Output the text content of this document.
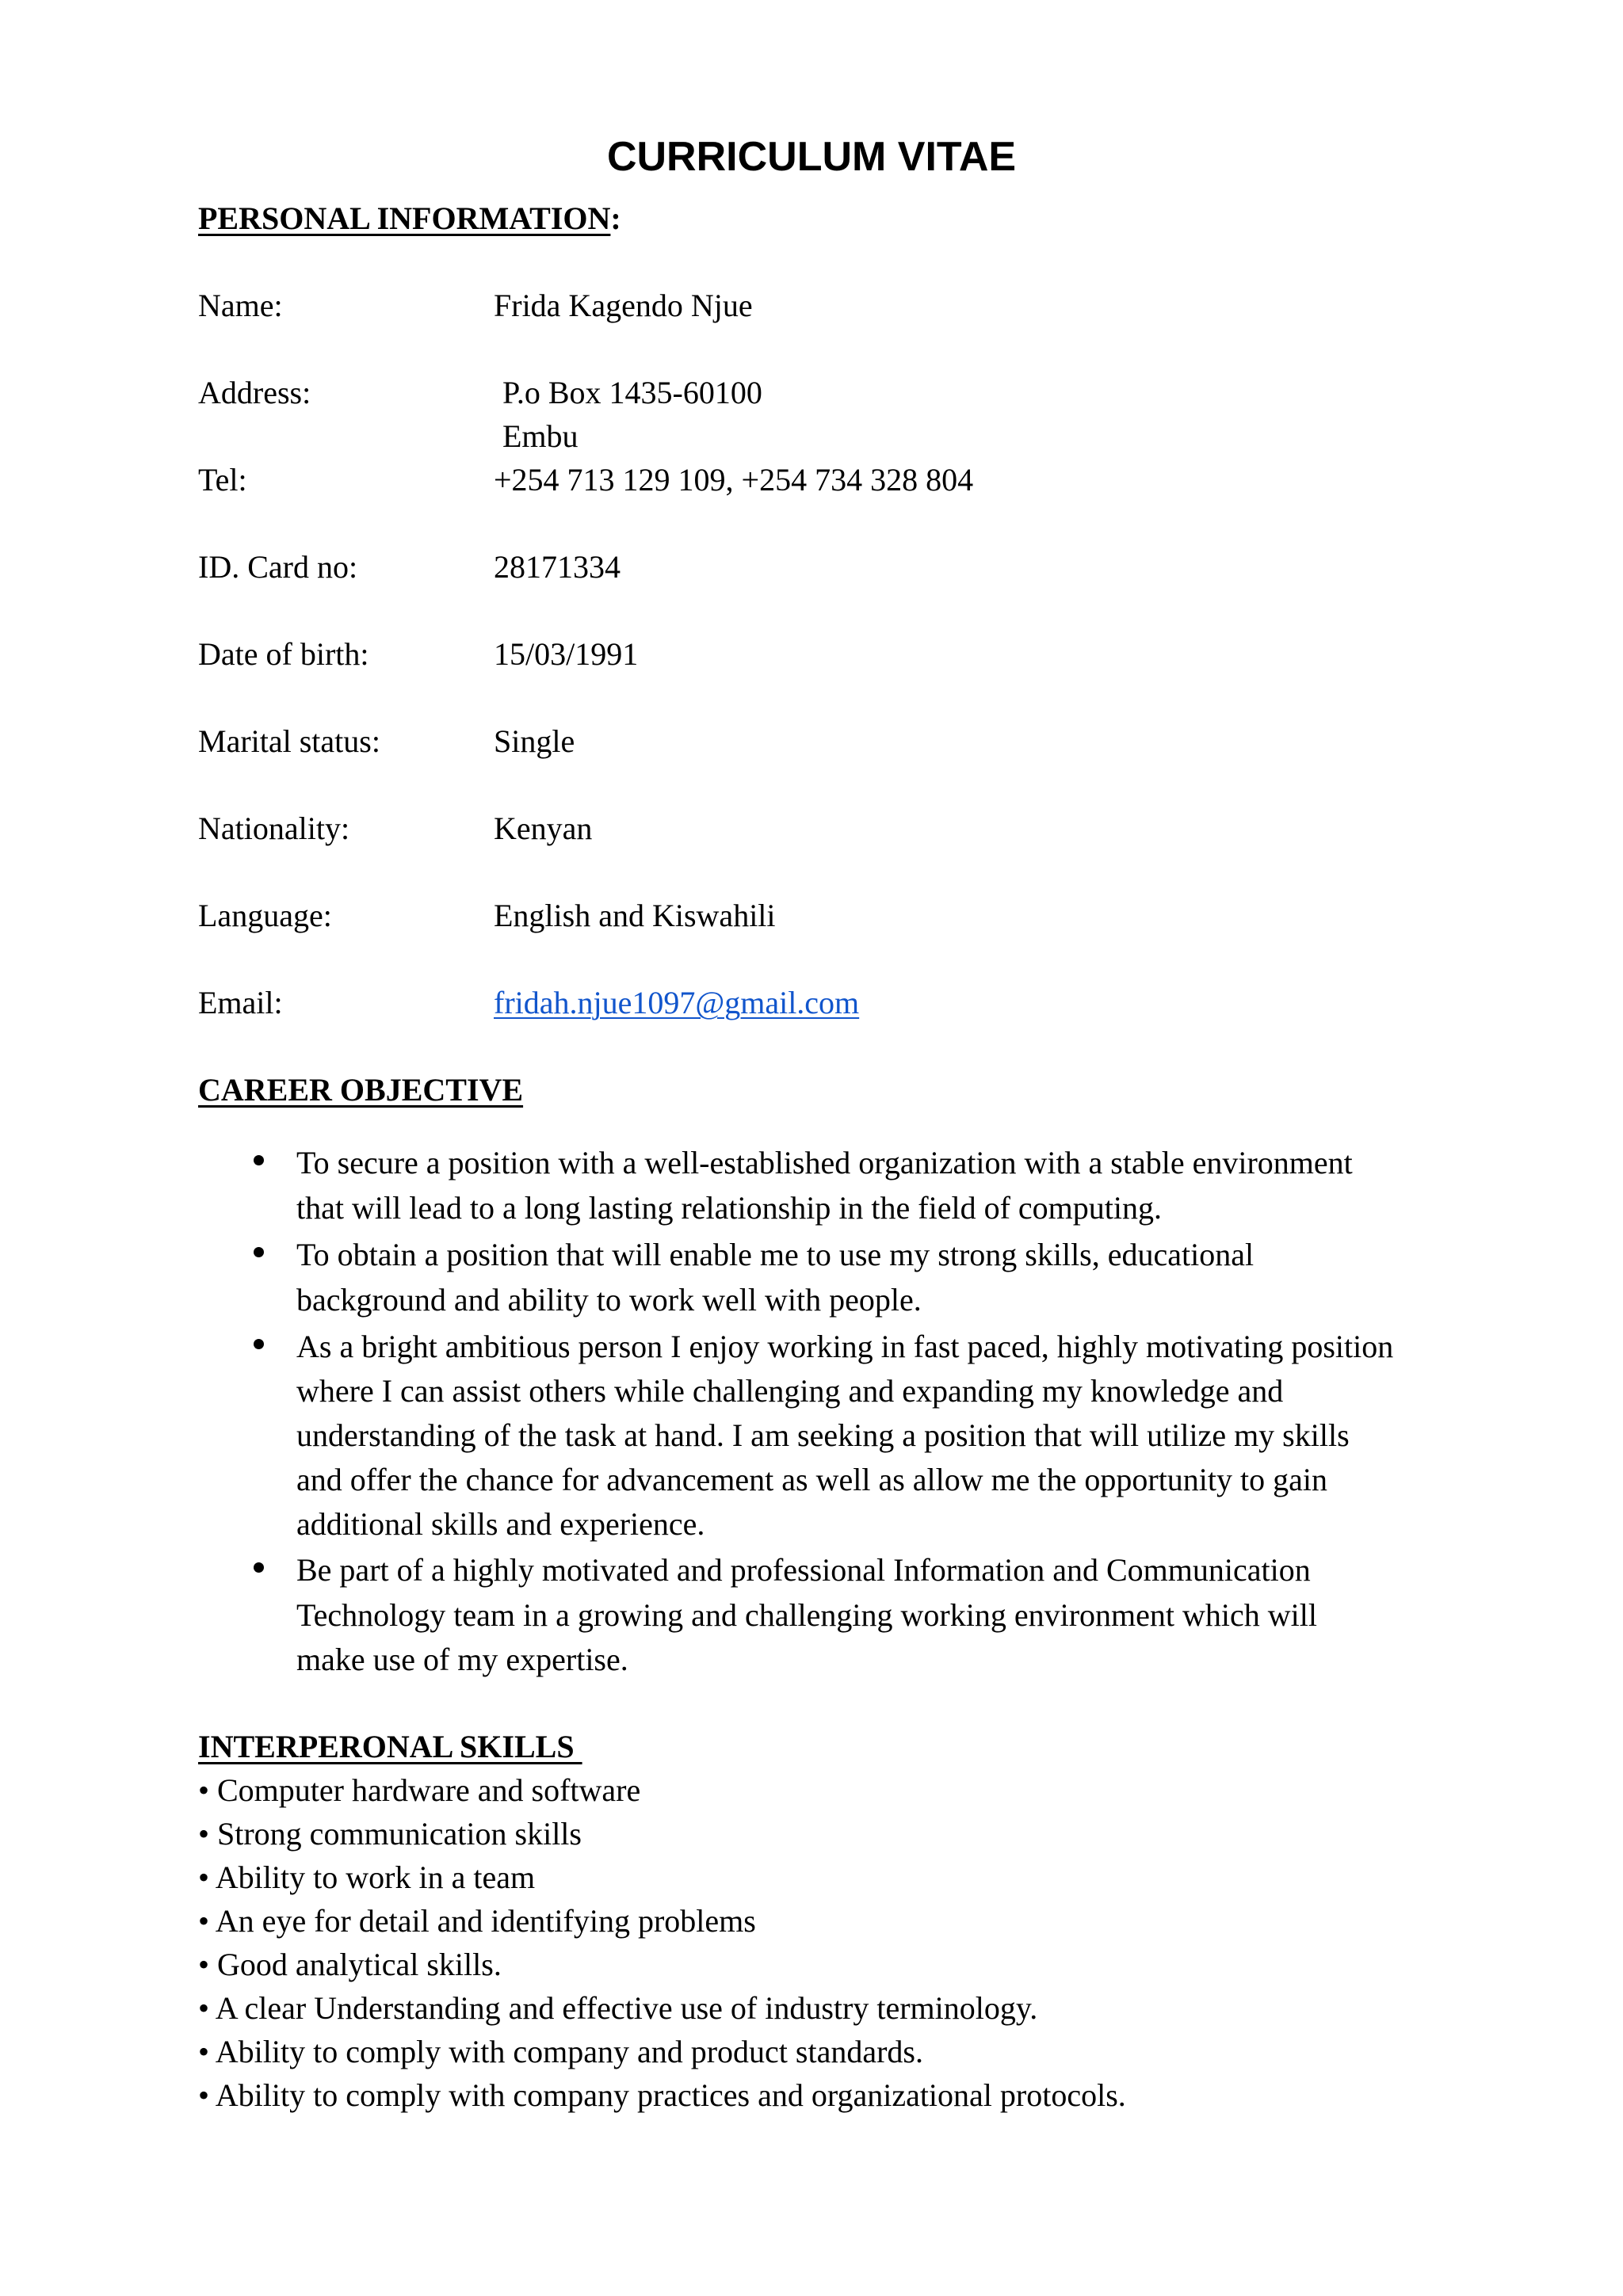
CURRICULUM VITAE
PERSONAL INFORMATION:
Name:	Frida Kagendo Njue
Address:	P.o Box 1435-60100
Embu
Tel:	+254 713 129 109, +254 734 328 804
ID. Card no:	28171334
Date of birth:	15/03/1991
Marital status:	Single
Nationality:	Kenyan
Language:	English and Kiswahili
Email:	fridah.njue1097@gmail.com
CAREER OBJECTIVE
To secure a position with a well-established organization with a stable environment
that will lead to a long lasting relationship in the field of computing.
To obtain a position that will enable me to use my strong skills, educational
background and ability to work well with people.
As a bright ambitious person I enjoy working in fast paced, highly motivating position
where I can assist others while challenging and expanding my knowledge and
understanding of the task at hand. I am seeking a position that will utilize my skills
and offer the chance for advancement as well as allow me the opportunity to gain
additional skills and experience.
Be part of a highly motivated and professional Information and Communication
Technology team in a growing and challenging working environment which will
make use of my expertise.
INTERPERONAL SKILLS
• Computer hardware and software
• Strong communication skills
• Ability to work in a team
• An eye for detail and identifying problems
• Good analytical skills.
• A clear Understanding and effective use of industry terminology.
• Ability to comply with company and product standards.
• Ability to comply with company practices and organizational protocols.
